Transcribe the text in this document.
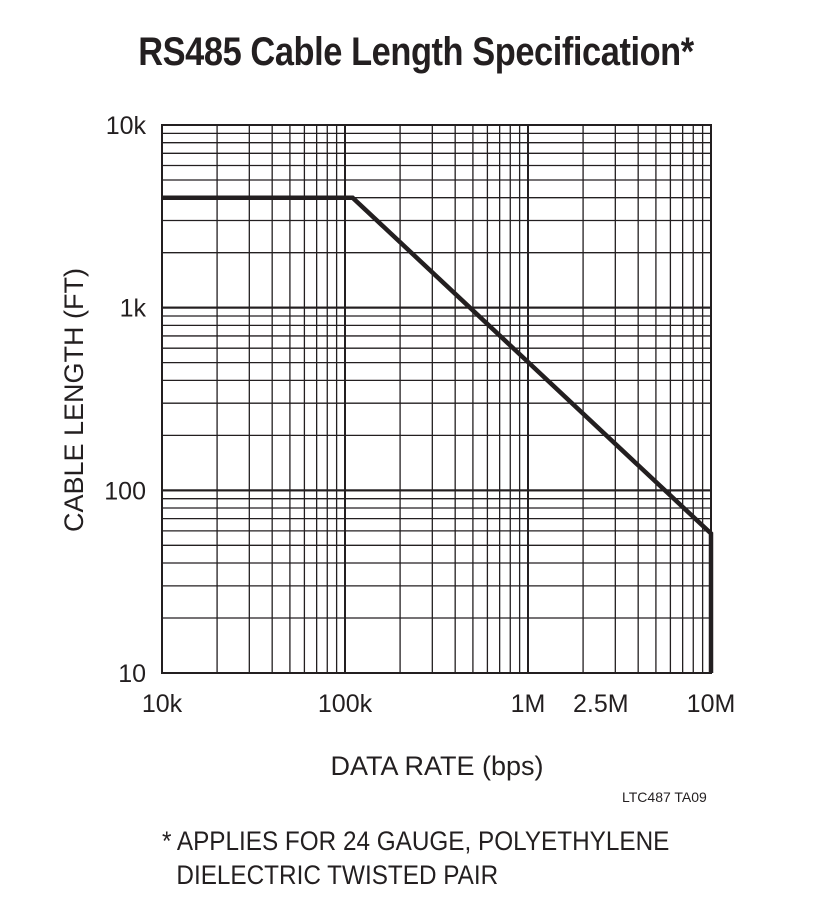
RS485 Cable Length Specification*
10k	100k	1M 2.5M 10M
10
100
1k
10k
DATA RATE (bps)
CABLE LENGTH (FT)
LTC487 TA09
* APPLIES FOR 24 GAUGE, POLYETHYLENE
DIELECTRIC TWISTED PAIR
